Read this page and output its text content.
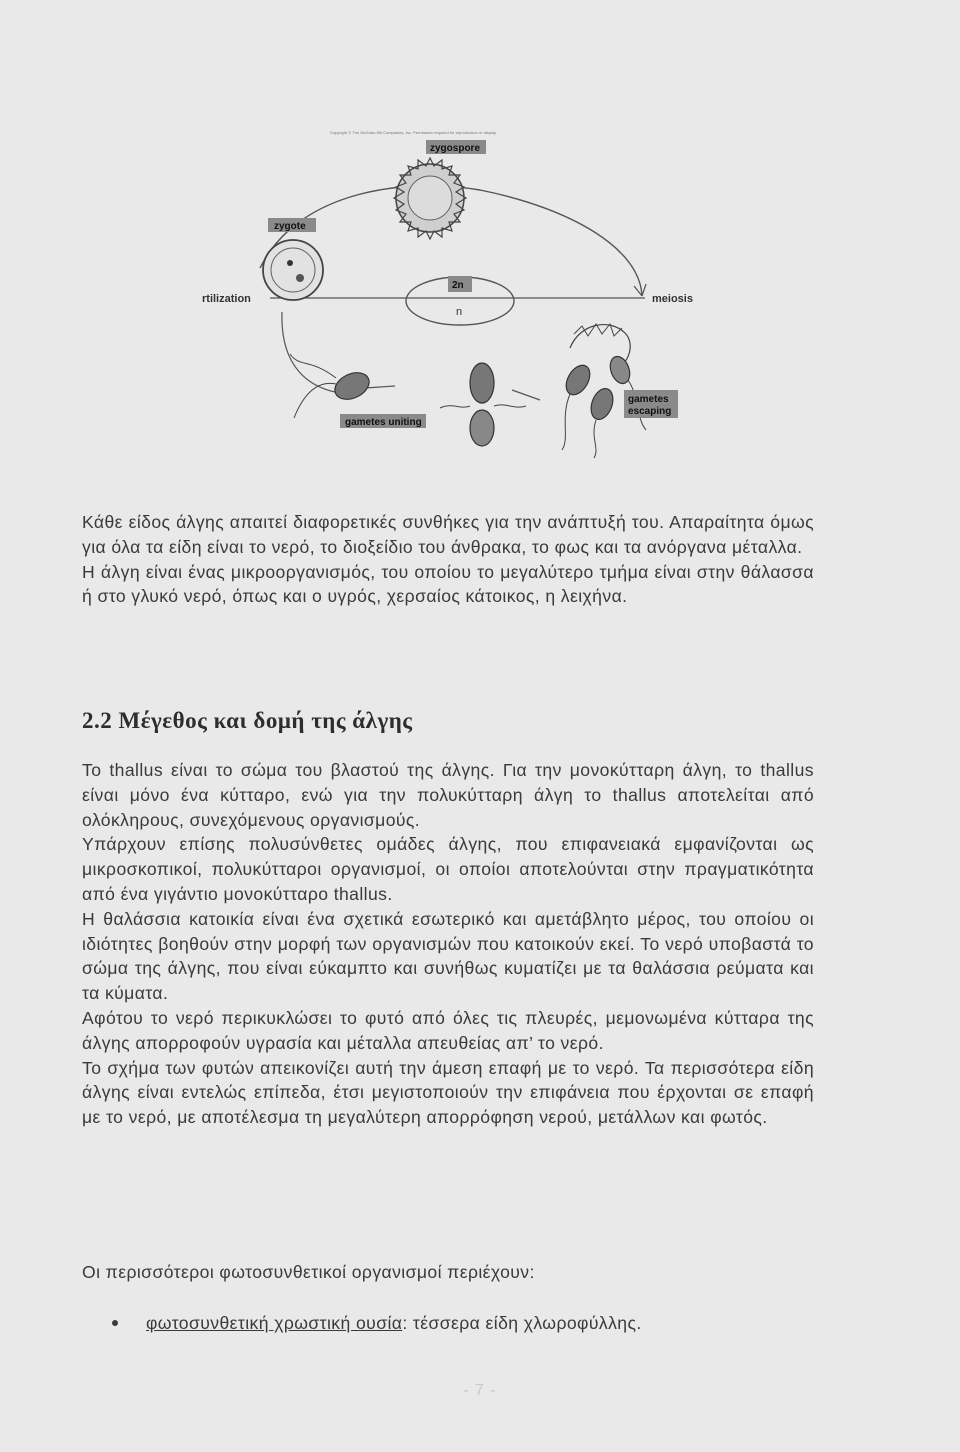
Copyright © The McGraw-Hill Companies, Inc. Permission required for reproduction or display
2n
n
zygospore
zygote
rtilization	meiosis
gametes
escaping
gametes uniting

Κάθε είδος άλγης απαιτεί διαφορετικές συνθήκες για την ανάπτυξή του. Απαραίτητα όμως για όλα τα είδη είναι το νερό, το διοξείδιο του άνθρακα, το φως και τα ανόργανα μέταλλα.

Η άλγη είναι ένας μικροοργανισμός, του οποίου το μεγαλύτερο τμήμα είναι στην θάλασσα ή στο γλυκό νερό, όπως και ο υγρός, χερσαίος κάτοικος, η λειχήνα.

2.2 Μέγεθος και δομή της άλγης

Το thallus είναι το σώμα του βλαστού της άλγης. Για την μονοκύτταρη άλγη, το thallus είναι μόνο ένα κύτταρο, ενώ για την πολυκύτταρη άλγη το thallus αποτελείται από ολόκληρους, συνεχόμενους οργανισμούς.

Υπάρχουν επίσης πολυσύνθετες ομάδες άλγης, που επιφανειακά εμφανίζονται ως μικροσκοπικοί, πολυκύτταροι οργανισμοί, οι οποίοι αποτελούνται στην πραγματικότητα από ένα γιγάντιο μονοκύτταρο thallus.

Η θαλάσσια κατοικία είναι ένα σχετικά εσωτερικό και αμετάβλητο μέρος, του οποίου οι ιδιότητες βοηθούν στην μορφή των οργανισμών που κατοικούν εκεί. Το νερό υποβαστά το σώμα της άλγης, που είναι εύκαμπτο και συνήθως κυματίζει με τα θαλάσσια ρεύματα και τα κύματα.

Αφότου το νερό περικυκλώσει το φυτό από όλες τις πλευρές, μεμονωμένα κύτταρα της άλγης απορροφούν υγρασία και μέταλλα απευθείας απ’ το νερό.

Το σχήμα των φυτών απεικονίζει αυτή την άμεση επαφή με το νερό. Τα περισσότερα είδη άλγης είναι εντελώς επίπεδα, έτσι μεγιστοποιούν την επιφάνεια που έρχονται σε επαφή με το νερό, με αποτέλεσμα τη μεγαλύτερη απορρόφηση νερού, μετάλλων και φωτός.

Οι περισσότεροι φωτοσυνθετικοί οργανισμοί περιέχουν:
φωτοσυνθετική χρωστική ουσία : τέσσερα είδη χλωροφύλλης.
- 7 -
